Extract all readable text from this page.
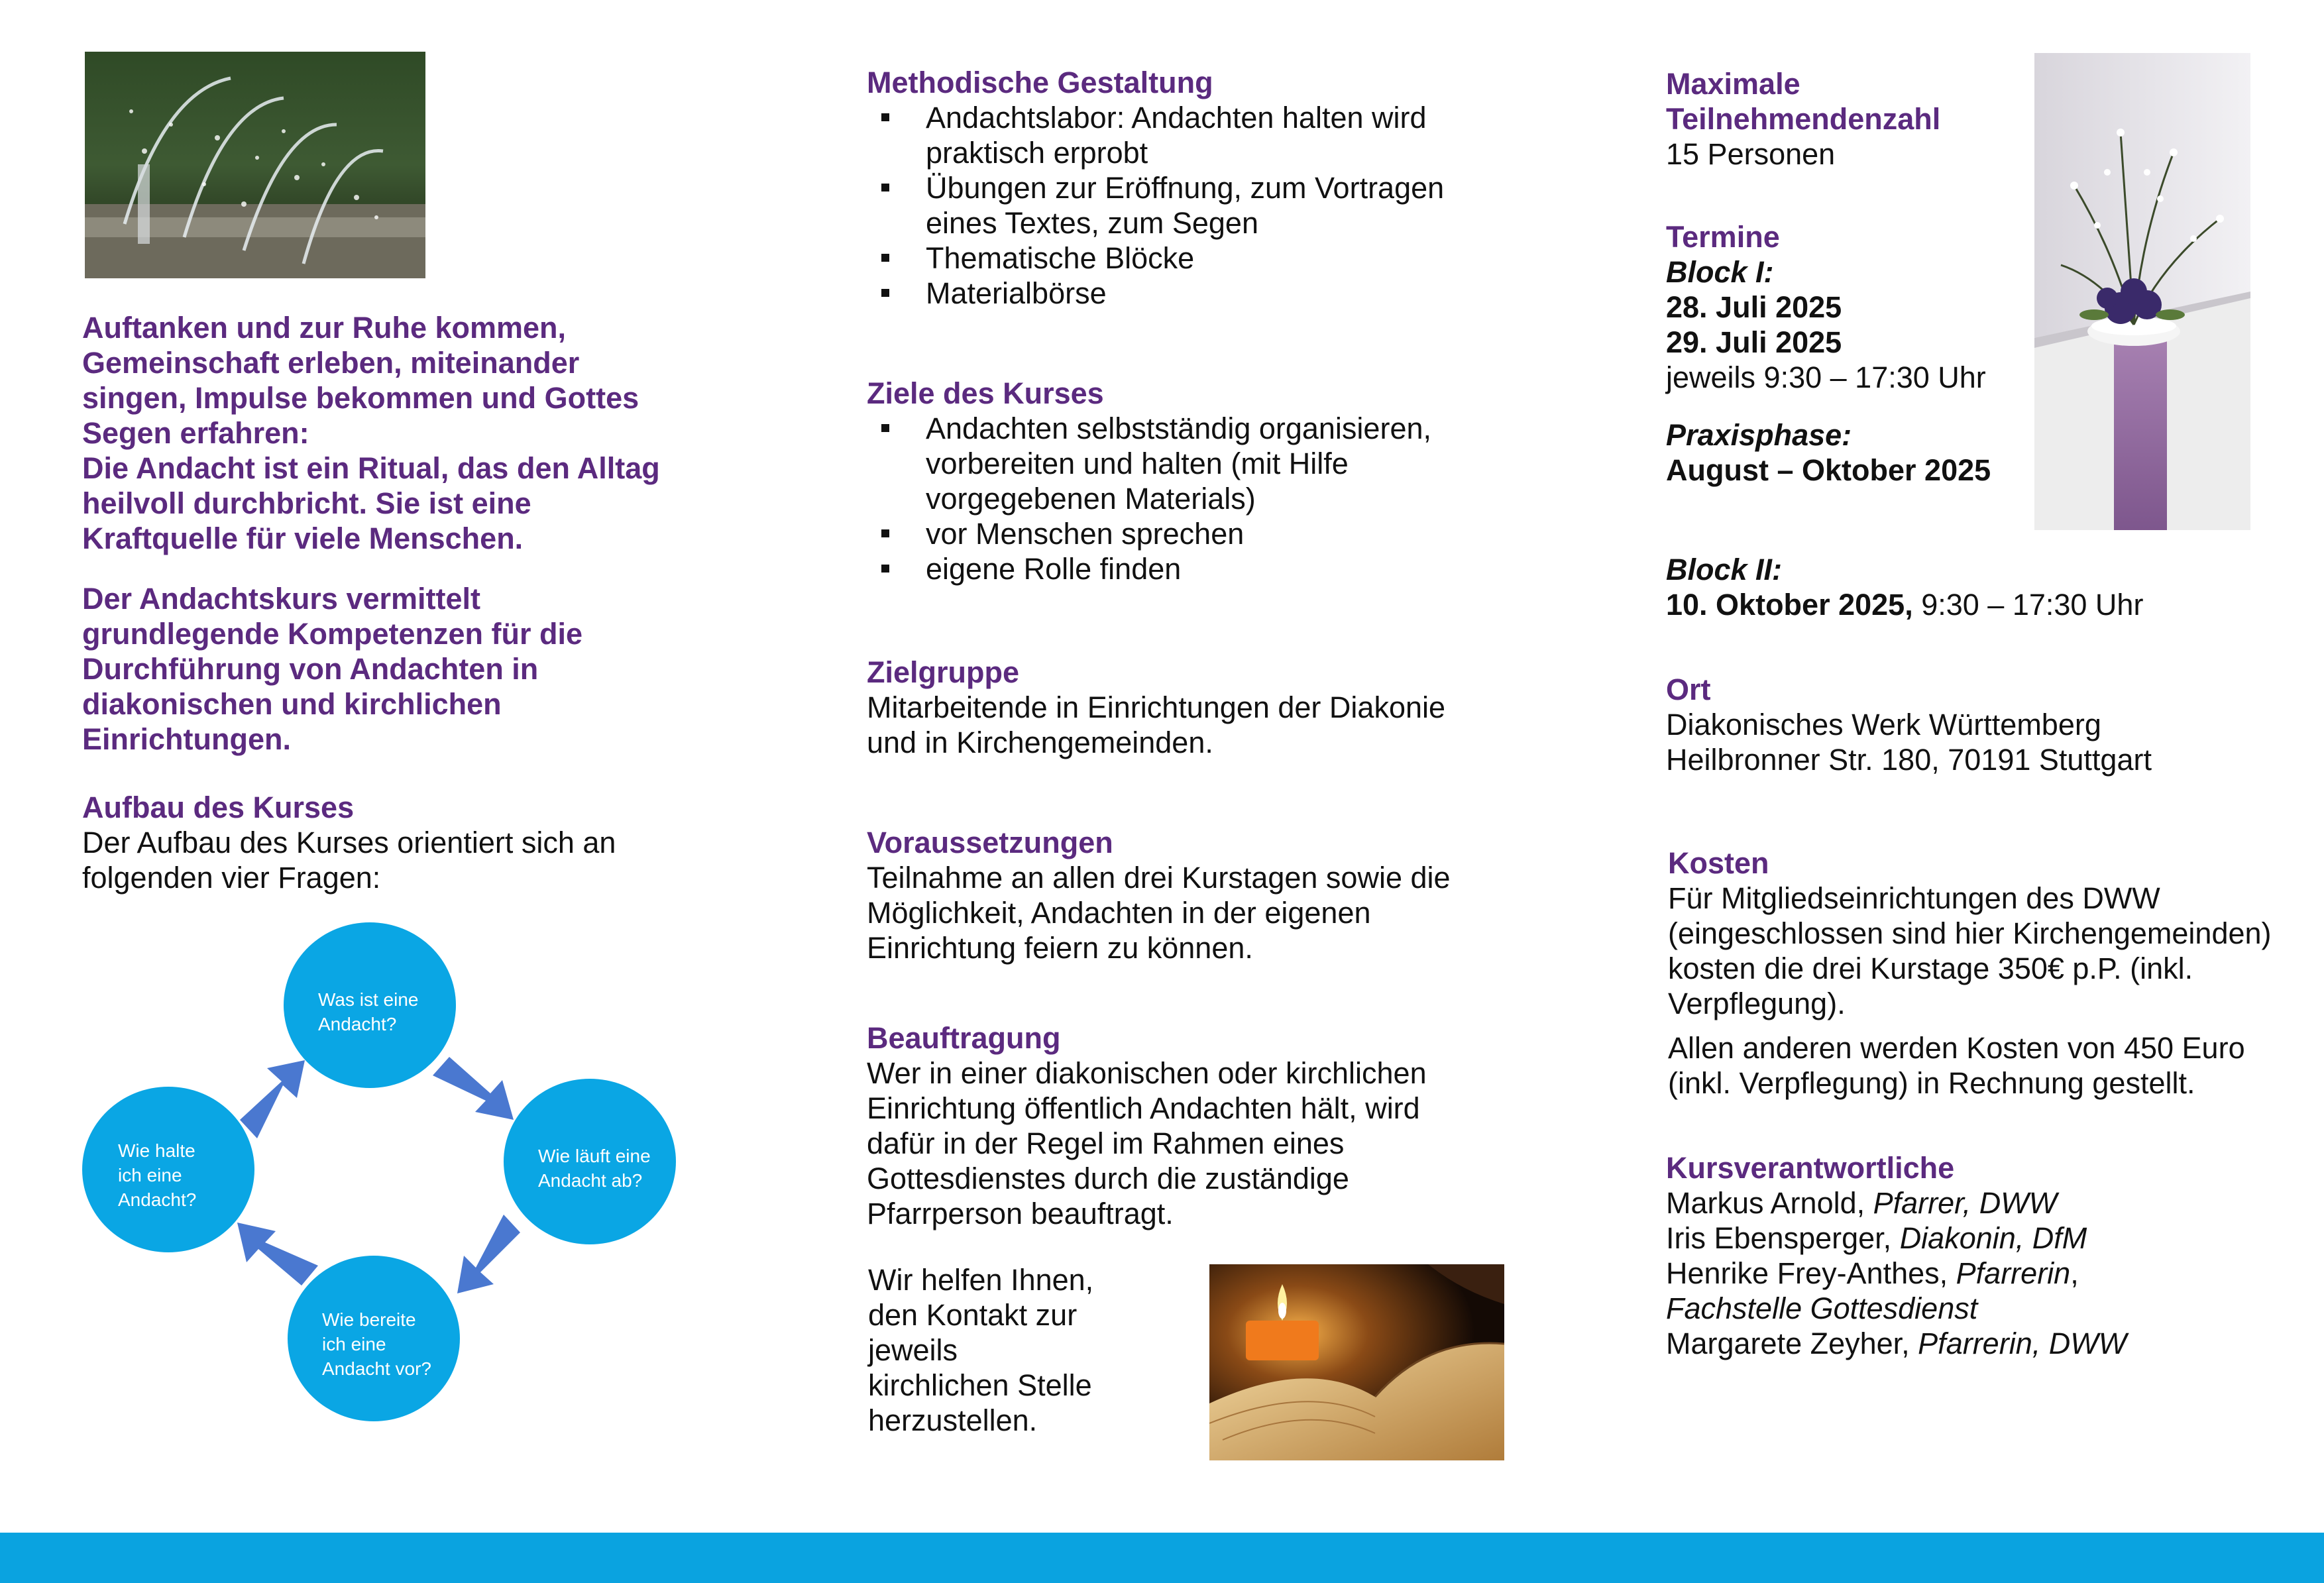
Auftanken und zur Ruhe kommen,
Gemeinschaft erleben, miteinander
singen, Impulse bekommen und Gottes
Segen erfahren:
Die Andacht ist ein Ritual, das den Alltag
heilvoll durchbricht. Sie ist eine
Kraftquelle für viele Menschen.
Der Andachtskurs vermittelt
grundlegende Kompetenzen für die
Durchführung von Andachten in
diakonischen und kirchlichen
Einrichtungen.
Aufbau des Kurses
Der Aufbau des Kurses orientiert sich an
folgenden vier Fragen:
Was ist eine
Andacht?
Wie läuft eine
Andacht ab?
Wie bereite
ich eine
Andacht vor?
Wie halte
ich eine
Andacht?
Methodische Gestaltung
Andachtslabor: Andachten halten wird
praktisch erprobt
Übungen zur Eröffnung, zum Vortragen
eines Textes, zum Segen
Thematische Blöcke
Materialbörse
Ziele des Kurses
Andachten selbstständig organisieren,
vorbereiten und halten (mit Hilfe
vorgegebenen Materials)
vor Menschen sprechen
eigene Rolle finden
Zielgruppe
Mitarbeitende in Einrichtungen der Diakonie
und in Kirchengemeinden.
Voraussetzungen
Teilnahme an allen drei Kurstagen sowie die
Möglichkeit, Andachten in der eigenen
Einrichtung feiern zu können.
Beauftragung
Wer in einer diakonischen oder kirchlichen
Einrichtung öffentlich Andachten hält, wird
dafür in der Regel im Rahmen eines
Gottesdienstes durch die zuständige
Pfarrperson beauftragt.
Wir helfen Ihnen,
den Kontakt zur
jeweils
kirchlichen Stelle
herzustellen.
Maximale
Teilnehmendenzahl
15 Personen
Termine
Block I:
28. Juli 2025
29. Juli 2025
jeweils 9:30 – 17:30 Uhr
Praxisphase:
August – Oktober 2025
Block II:
10. Oktober 2025, 9:30 – 17:30 Uhr
Ort
Diakonisches Werk Württemberg
Heilbronner Str. 180, 70191 Stuttgart
Kosten
Für Mitgliedseinrichtungen des DWW
(eingeschlossen sind hier Kirchengemeinden)
kosten die drei Kurstage 350€ p.P. (inkl.
Verpflegung).
Allen anderen werden Kosten von 450 Euro
(inkl. Verpflegung) in Rechnung gestellt.
Kursverantwortliche
Markus Arnold, Pfarrer, DWW
Iris Ebensperger, Diakonin, DfM
Henrike Frey-Anthes, Pfarrerin,
Fachstelle Gottesdienst
Margarete Zeyher, Pfarrerin, DWW
